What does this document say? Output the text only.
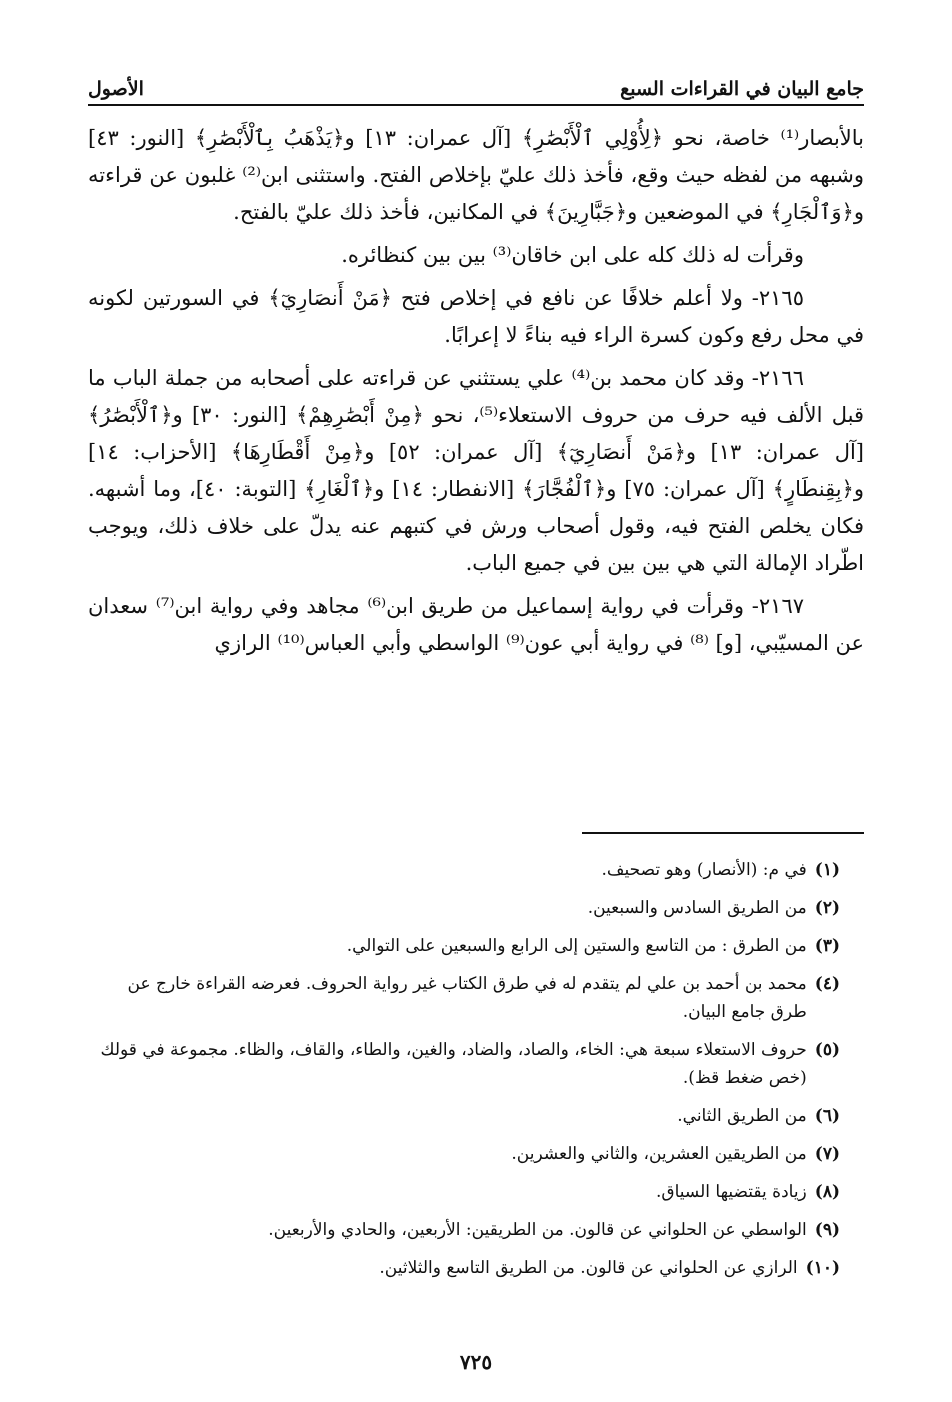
جامع البيان في القراءات السبع
الأصول

بالأبصار⁽¹⁾ خاصة، نحو ﴿لِأُوْلِي ٱلْأَبْصَٰرِ﴾ [آل عمران: ١٣] و﴿يَذْهَبُ بِٱلْأَبْصَٰرِ﴾ [النور: ٤٣] وشبهه من لفظه حيث وقع، فأخذ ذلك عليّ بإخلاص الفتح. واستثنى ابن⁽²⁾ غلبون عن قراءته و﴿وَٱلْجَارِ﴾ في الموضعين و﴿جَبَّارِينَ﴾ في المكانين، فأخذ ذلك عليّ بالفتح.

وقرأت له ذلك كله على ابن خاقان⁽³⁾ بين بين كنظائره.

٢١٦٥- ولا أعلم خلافًا عن نافع في إخلاص فتح ﴿مَنْ أَنصَارِيٓ﴾ في السورتين لكونه في محل رفع وكون كسرة الراء فيه بناءً لا إعرابًا.

٢١٦٦- وقد كان محمد بن⁽⁴⁾ علي يستثني عن قراءته على أصحابه من جملة الباب ما قبل الألف فيه حرف من حروف الاستعلاء⁽⁵⁾، نحو ﴿مِنْ أَبْصَٰرِهِمْ﴾ [النور: ٣٠] و﴿ٱلْأَبْصَٰرُ﴾ [آل عمران: ١٣] و﴿مَنْ أَنصَارِيٓ﴾ [آل عمران: ٥٢] و﴿مِنْ أَقْطَارِهَا﴾ [الأحزاب: ١٤] و﴿بِقِنطَارٍ﴾ [آل عمران: ٧٥] و﴿ٱلْفُجَّارَ﴾ [الانفطار: ١٤] و﴿ٱلْغَارِ﴾ [التوبة: ٤٠]، وما أشبهه. فكان يخلص الفتح فيه، وقول أصحاب ورش في كتبهم عنه يدلّ على خلاف ذلك، ويوجب اطّراد الإمالة التي هي بين بين في جميع الباب.

٢١٦٧- وقرأت في رواية إسماعيل من طريق ابن⁽⁶⁾ مجاهد وفي رواية ابن⁽⁷⁾ سعدان عن المسيّبي، [و] ⁽⁸⁾ في رواية أبي عون⁽⁹⁾ الواسطي وأبي العباس⁽¹⁰⁾ الرازي

(١)
في م: (الأنصار) وهو تصحيف.
(٢)
من الطريق السادس والسبعين.
(٣)
من الطرق : من التاسع والستين إلى الرابع والسبعين على التوالي.
(٤)
محمد بن أحمد بن علي لم يتقدم له في طرق الكتاب غير رواية الحروف. فعرضه القراءة خارج عن طرق جامع البيان.
(٥)
حروف الاستعلاء سبعة هي: الخاء، والصاد، والضاد، والغين، والطاء، والقاف، والظاء. مجموعة في قولك (خص ضغط قظ).
(٦)
من الطريق الثاني.
(٧)
من الطريقين العشرين، والثاني والعشرين.
(٨)
زيادة يقتضيها السياق.
(٩)
الواسطي عن الحلواني عن قالون. من الطريقين: الأربعين، والحادي والأربعين.
(١٠)
الرازي عن الحلواني عن قالون. من الطريق التاسع والثلاثين.
٧٢٥
